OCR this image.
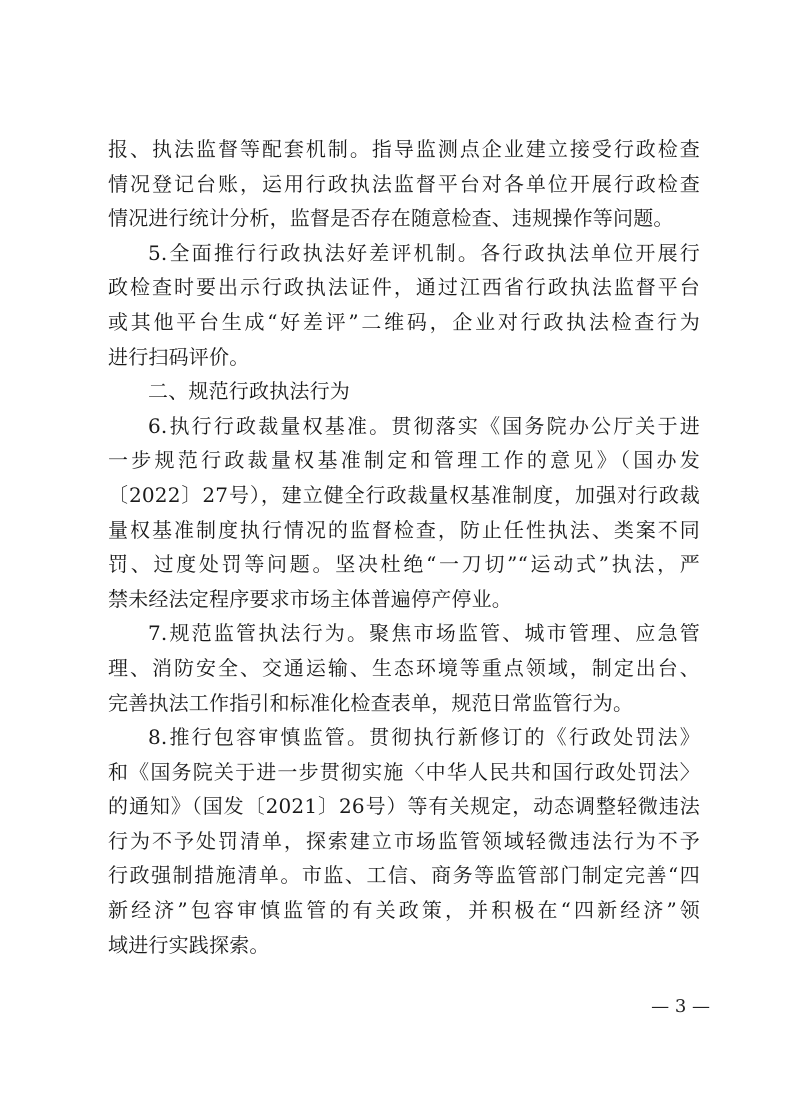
报、执法监督等配套机制。指导监测点企业建立接受行政检查
情况登记台账，运用行政执法监督平台对各单位开展行政检查
情况进行统计分析，监督是否存在随意检查、违规操作等问题。
5.全面推行行政执法好差评机制。各行政执法单位开展行
政检查时要出示行政执法证件，通过江西省行政执法监督平台
或其他平台生成“好差评”二维码，企业对行政执法检查行为
进行扫码评价。
二、规范行政执法行为
6.执行行政裁量权基准。贯彻落实《国务院办公厅关于进
一步规范行政裁量权基准制定和管理工作的意见》（国办发
〔2022〕27号），建立健全行政裁量权基准制度，加强对行政裁
量权基准制度执行情况的监督检查，防止任性执法、类案不同
罚、过度处罚等问题。坚决杜绝“一刀切”“运动式”执法，严
禁未经法定程序要求市场主体普遍停产停业。
7.规范监管执法行为。聚焦市场监管、城市管理、应急管
理、消防安全、交通运输、生态环境等重点领域，制定出台、
完善执法工作指引和标准化检查表单，规范日常监管行为。
8.推行包容审慎监管。贯彻执行新修订的《行政处罚法》
和《国务院关于进一步贯彻实施〈中华人民共和国行政处罚法〉
的通知》（国发〔2021〕26号）等有关规定，动态调整轻微违法
行为不予处罚清单，探索建立市场监管领域轻微违法行为不予
行政强制措施清单。市监、工信、商务等监管部门制定完善“四
新经济”包容审慎监管的有关政策，并积极在“四新经济”领
域进行实践探索。
— 3 —
